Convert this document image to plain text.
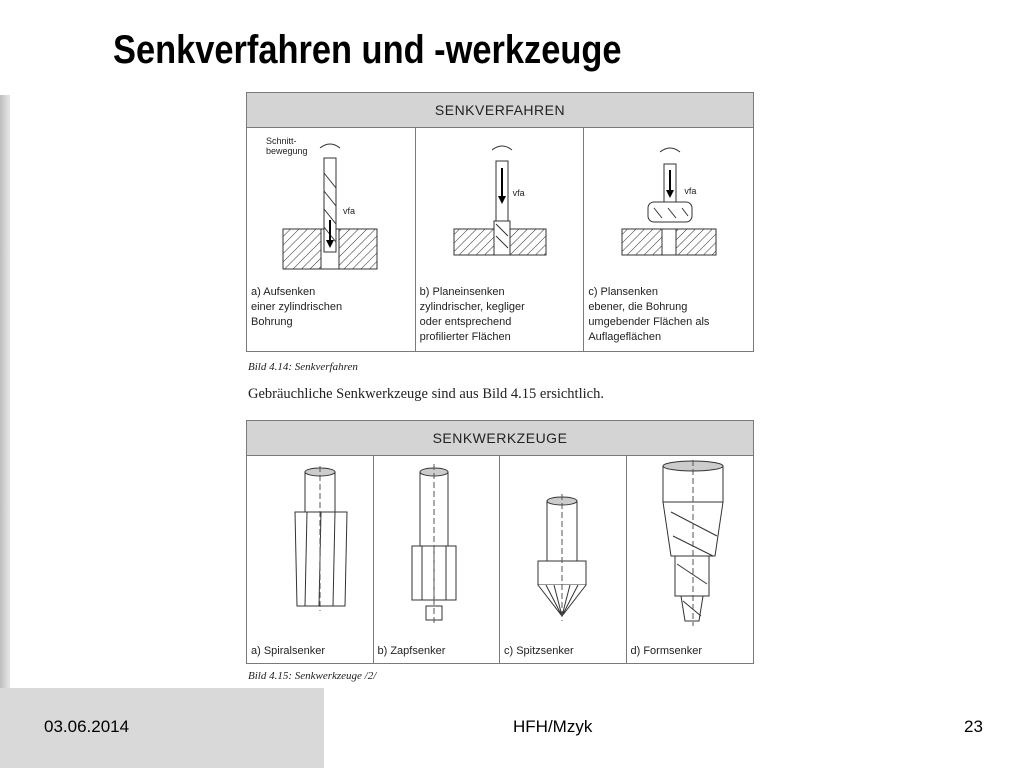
Senkverfahren und -werkzeuge
SENKVERFAHREN
Schnitt-
bewegung
vfa
a) Aufsenken
einer zylindrischen
Bohrung
vfa
b) Planeinsenken
zylindrischer, kegliger
oder entsprechend
profilierter Flächen
vfa
c) Plansenken
ebener, die Bohrung
umgebender Flächen als
Auflageflächen
Bild 4.14: Senkverfahren
Gebräuchliche Senkwerkzeuge sind aus Bild 4.15 ersichtlich.
SENKWERKZEUGE
a) Spiralsenker	b) Zapfsenker	c) Spitzsenker	d) Formsenker
Bild 4.15: Senkwerkzeuge /2/
03.06.2014	HFH/Mzyk	23
